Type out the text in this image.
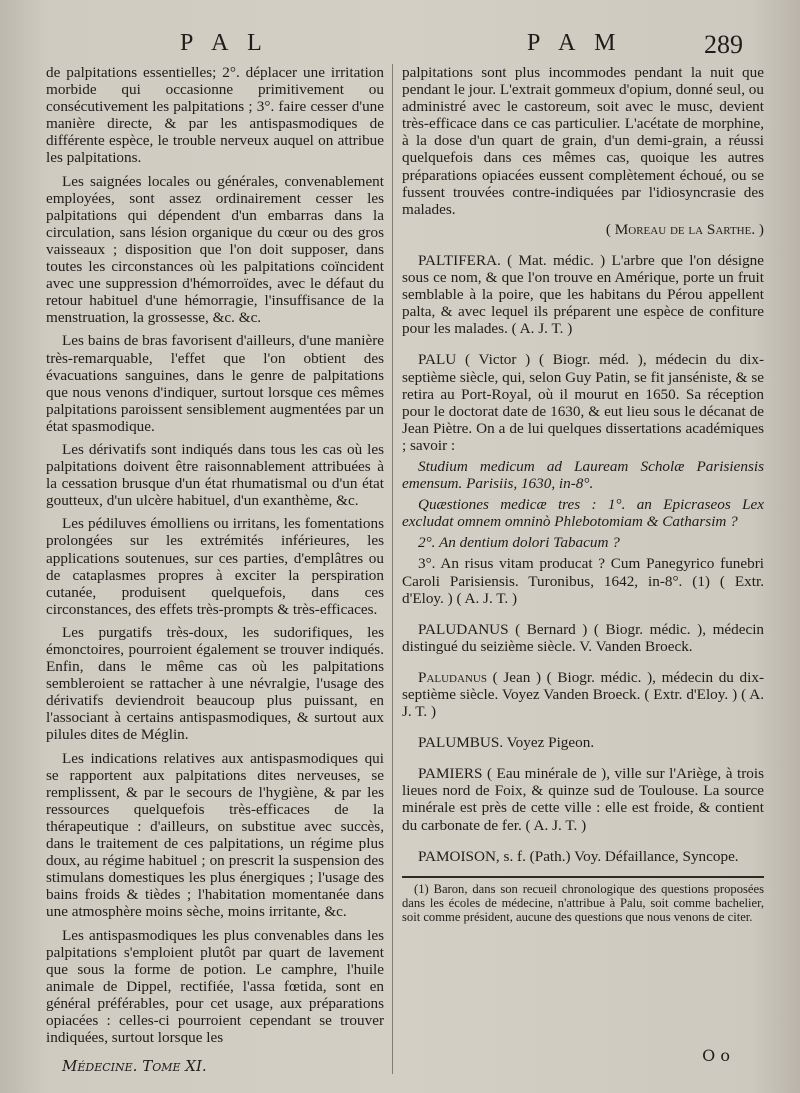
P A L	P A M	289

de palpitations essentielles; 2°. déplacer une irritation morbide qui occasionne primitivement ou consécutivement les palpitations ; 3°. faire cesser d'une manière directe, & par les antispasmodiques de différente espèce, le trouble nerveux auquel on attribue les palpitations.

Les saignées locales ou générales, convenablement employées, sont assez ordinairement cesser les palpitations qui dépendent d'un embarras dans la circulation, sans lésion organique du cœur ou des gros vaisseaux ; disposition que l'on doit supposer, dans toutes les circonstances où les palpitations coïncident avec une suppression d'hémorroïdes, avec le défaut du retour habituel d'une hémorragie, l'insuffisance de la menstruation, la grossesse, &c. &c.

Les bains de bras favorisent d'ailleurs, d'une manière très-remarquable, l'effet que l'on obtient des évacuations sanguines, dans le genre de palpitations que nous venons d'indiquer, surtout lorsque ces mêmes palpitations paroissent sensiblement augmentées par un état spasmodique.

Les dérivatifs sont indiqués dans tous les cas où les palpitations doivent être raisonnablement attribuées à la cessation brusque d'un état rhumatismal ou d'un état goutteux, d'un ulcère habituel, d'un exanthème, &c.

Les pédiluves émolliens ou irritans, les fomentations prolongées sur les extrémités inférieures, les applications soutenues, sur ces parties, d'emplâtres ou de cataplasmes propres à exciter la perspiration cutanée, produisent quelquefois, dans ces circonstances, des effets très-prompts & très-efficaces.

Les purgatifs très-doux, les sudorifiques, les émonctoires, pourroient également se trouver indiqués. Enfin, dans le même cas où les palpitations sembleroient se rattacher à une névralgie, l'usage des dérivatifs deviendroit beaucoup plus puissant, en l'associant à certains antispasmodiques, & surtout aux pilules dites de Méglin.

Les indications relatives aux antispasmodiques qui se rapportent aux palpitations dites nerveuses, se remplissent, & par le secours de l'hygiène, & par les ressources quelquefois très-efficaces de la thérapeutique : d'ailleurs, on substitue avec succès, dans le traitement de ces palpitations, un régime plus doux, au régime habituel ; on prescrit la suspension des stimulans domestiques les plus énergiques ; l'usage des bains froids & tièdes ; l'habitation momentanée dans une atmosphère moins sèche, moins irritante, &c.

Les antispasmodiques les plus convenables dans les palpitations s'emploient plutôt par quart de lavement que sous la forme de potion. Le camphre, l'huile animale de Dippel, rectifiée, l'assa fœtida, sont en général préférables, pour cet usage, aux préparations opiacées : celles-ci pourroient cependant se trouver indiquées, surtout lorsque les

Médecine. Tome XI.

palpitations sont plus incommodes pendant la nuit que pendant le jour. L'extrait gommeux d'opium, donné seul, ou administré avec le castoreum, soit avec le musc, devient très-efficace dans ce cas particulier. L'acétate de morphine, à la dose d'un quart de grain, d'un demi-grain, a réussi quelquefois dans ces mêmes cas, quoique les autres préparations opiacées eussent complètement échoué, ou se fussent trouvées contre-indiquées par l'idiosyncrasie des malades.

( Moreau de la Sarthe. )

PALTIFERA. ( Mat. médic. ) L'arbre que l'on désigne sous ce nom, & que l'on trouve en Amérique, porte un fruit semblable à la poire, que les habitans du Pérou appellent palta, & avec lequel ils préparent une espèce de confiture pour les malades. ( A. J. T. )

PALU ( Victor ) ( Biogr. méd. ), médecin du dix-septième siècle, qui, selon Guy Patin, se fit janséniste, & se retira au Port-Royal, où il mourut en 1650. Sa réception pour le doctorat date de 1630, & eut lieu sous le décanat de Jean Piètre. On a de lui quelques dissertations académiques ; savoir :

Studium medicum ad Lauream Scholæ Parisiensis emensum. Parisiis, 1630, in-8°.

Quæstiones medicæ tres : 1°. an Epicraseos Lex excludat omnem omninò Phlebotomiam & Catharsim ?

2°. An dentium dolori Tabacum ?

3°. An risus vitam producat ? Cum Panegyrico funebri Caroli Parisiensis. Turonibus, 1642, in-8°. (1) ( Extr. d'Eloy. ) ( A. J. T. )

PALUDANUS ( Bernard ) ( Biogr. médic. ), médecin distingué du seizième siècle. V. Vanden Broeck.

Paludanus ( Jean ) ( Biogr. médic. ), médecin du dix-septième siècle. Voyez Vanden Broeck. ( Extr. d'Eloy. ) ( A. J. T. )

PALUMBUS. Voyez Pigeon.

PAMIERS ( Eau minérale de ), ville sur l'Ariège, à trois lieues nord de Foix, & quinze sud de Toulouse. La source minérale est près de cette ville : elle est froide, & contient du carbonate de fer. ( A. J. T. )

PAMOISON, s. f. (Path.) Voy. Défaillance, Syncope.

(1) Baron, dans son recueil chronologique des questions proposées dans les écoles de médecine, n'attribue à Palu, soit comme bachelier, soit comme président, aucune des questions que nous venons de citer.

O o
